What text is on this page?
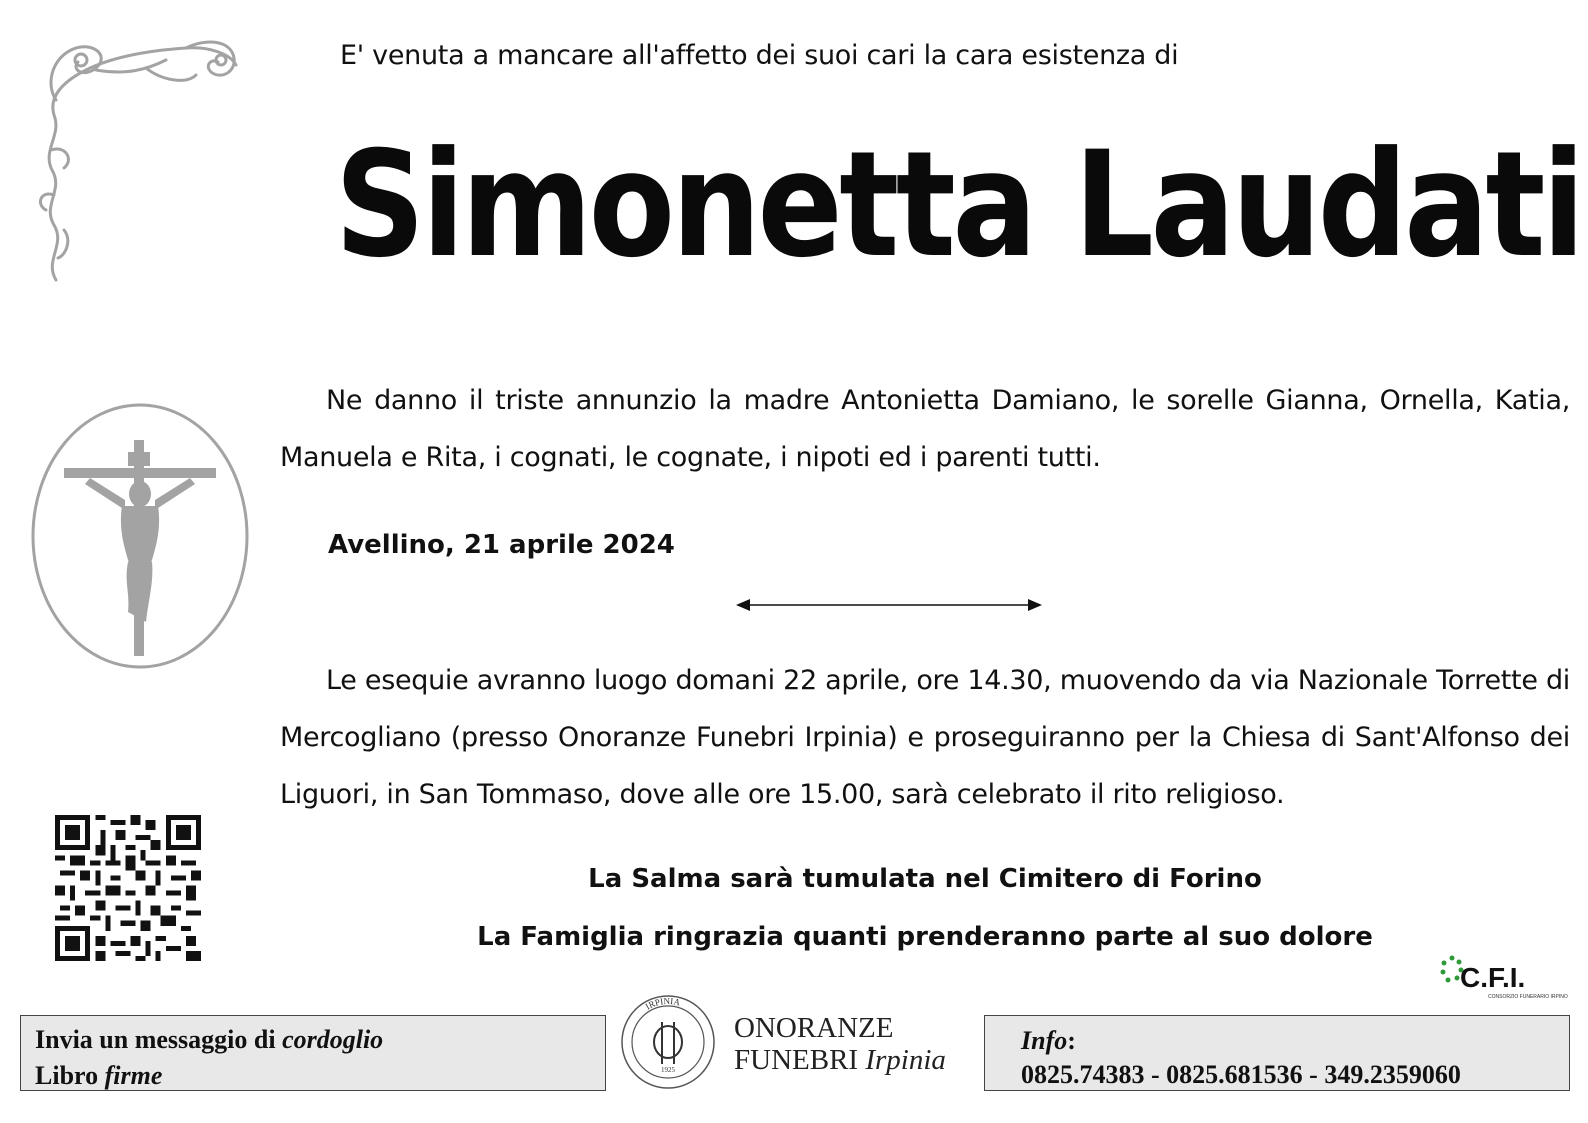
E' venuta a mancare all'affetto dei suoi cari la cara esistenza di
Simonetta Laudati
Ne danno il triste annunzio la madre Antonietta Damiano, le sorelle Gianna, Ornella, Katia, Manuela e Rita, i cognati, le cognate, i nipoti ed i parenti tutti.
Avellino, 21 aprile 2024
Le esequie avranno luogo domani 22 aprile, ore 14.30, muovendo da via Nazionale Torrette di Mercogliano (presso Onoranze Funebri Irpinia) e proseguiranno per la Chiesa di Sant'Alfonso dei Liguori, in San Tommaso, dove alle ore 15.00, sarà celebrato il rito religioso.
La Salma sarà tumulata nel Cimitero di Forino
La Famiglia ringrazia quanti prenderanno parte al suo dolore
C.F.I.
CONSORZIO FUNERARIO IRPINO
Invia un messaggio di cordoglio
Libro firme
IRPINIA
1925
ONORANZE
FUNEBRI Irpinia
Info:
0825.74383 - 0825.681536 - 349.2359060
